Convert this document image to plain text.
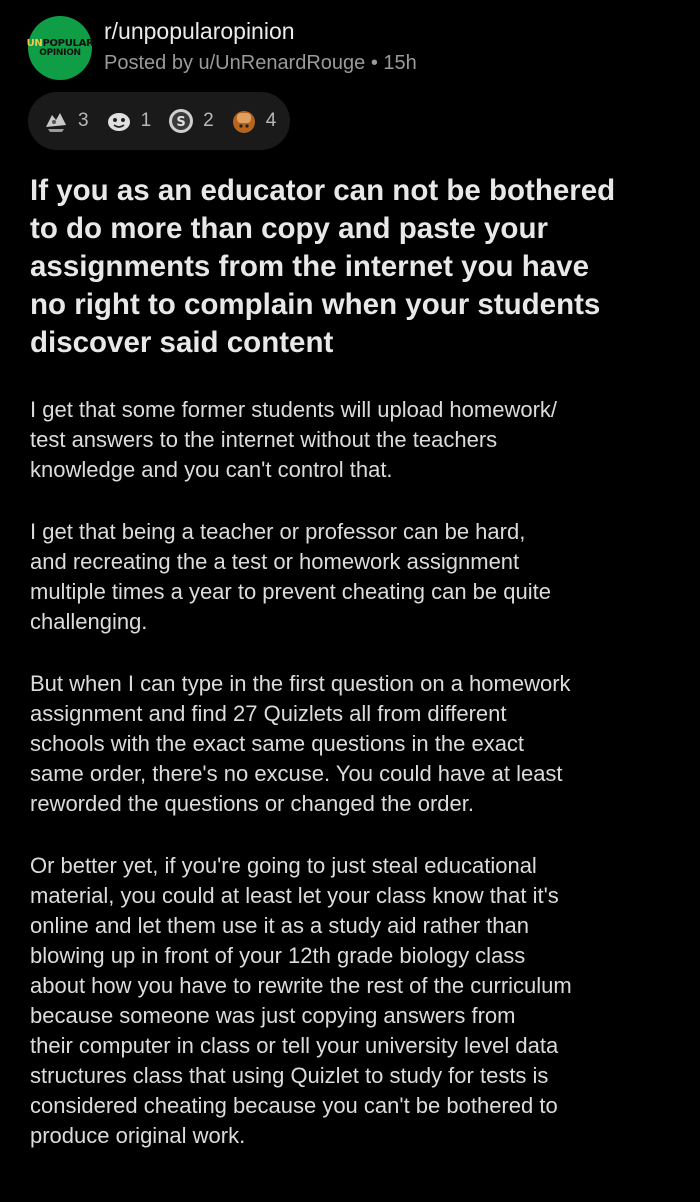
UNPOPULAR
OPINION
r/unpopularopinion
Posted by u/UnRenardRouge • 15h
3	1 S 2	4
If you as an educator can not be bothered
to do more than copy and paste your
assignments from the internet you have
no right to complain when your students
discover said content

I get that some former students will upload homework/
test answers to the internet without the teachers
knowledge and you can't control that.

I get that being a teacher or professor can be hard,
and recreating the a test or homework assignment
multiple times a year to prevent cheating can be quite
challenging.

But when I can type in the first question on a homework
assignment and find 27 Quizlets all from different
schools with the exact same questions in the exact
same order, there's no excuse. You could have at least
reworded the questions or changed the order.

Or better yet, if you're going to just steal educational
material, you could at least let your class know that it's
online and let them use it as a study aid rather than
blowing up in front of your 12th grade biology class
about how you have to rewrite the rest of the curriculum
because someone was just copying answers from
their computer in class or tell your university level data
structures class that using Quizlet to study for tests is
considered cheating because you can't be bothered to
produce original work.
